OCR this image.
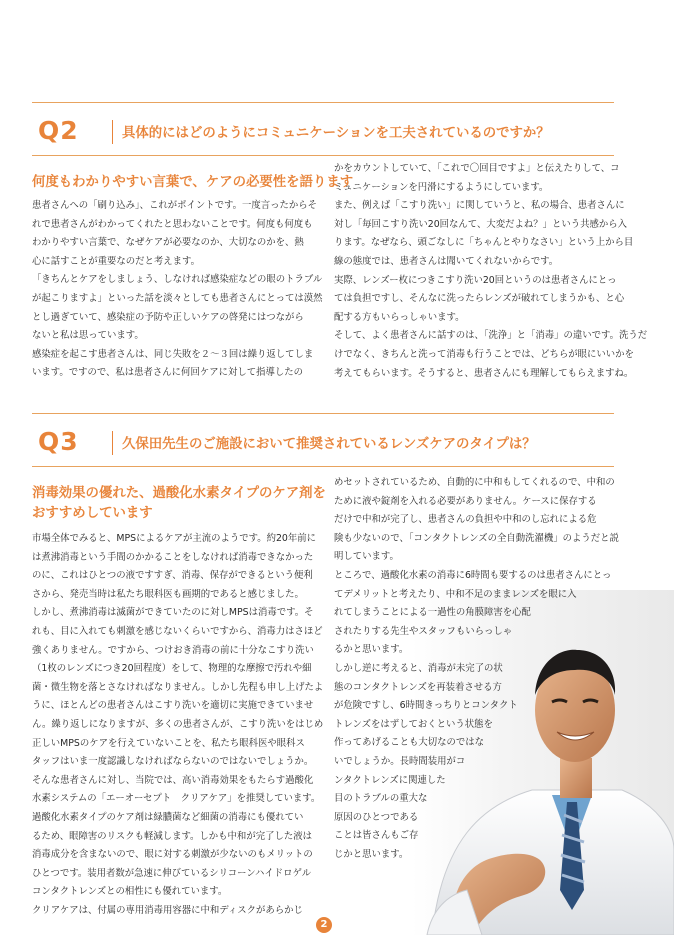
Q2	具体的にはどのようにコミュニケーションを工夫されているのですか？
何度もわかりやすい言葉で、ケアの必要性を語ります

患者さんへの「刷り込み」、これがポイントです。一度言ったからそ

れで患者さんがわかってくれたと思わないことです。何度も何度も

わかりやすい言葉で、なぜケアが必要なのか、大切なのかを、熱

心に話すことが重要なのだと考えます。

「きちんとケアをしましょう、しなければ感染症などの眼のトラブル

が起こりますよ」といった話を淡々としても患者さんにとっては漠然

とし過ぎていて、感染症の予防や正しいケアの啓発にはつながら

ないと私は思っています。

感染症を起こす患者さんは、同じ失敗を２～３回は繰り返してしま

います。ですので、私は患者さんに何回ケアに対して指導したの

かをカウントしていて、「これで〇回目ですよ」と伝えたりして、コ

ミュニケーションを円滑にするようにしています。

また、例えば「こすり洗い」に関していうと、私の場合、患者さんに

対し「毎回こすり洗い20回なんて、大変だよね？」という共感から入

ります。なぜなら、頭ごなしに「ちゃんとやりなさい」という上から目

線の態度では、患者さんは聞いてくれないからです。

実際、レンズー枚につきこすり洗い20回というのは患者さんにとっ

ては負担ですし、そんなに洗ったらレンズが破れてしまうかも、と心

配する方もいらっしゃいます。

そして、よく患者さんに話すのは、「洗浄」と「消毒」の違いです。洗うだ

けでなく、きちんと洗って消毒も行うことでは、どちらが眼にいいかを

考えてもらいます。そうすると、患者さんにも理解してもらえますね。

Q3	久保田先生のご施設において推奨されているレンズケアのタイプは？
消毒効果の優れた、過酸化水素タイプのケア剤を
おすすめしています

市場全体でみると、MPSによるケアが主流のようです。約20年前に

は煮沸消毒という手間のかかることをしなければ消毒できなかった

のに、これはひとつの液ですすぎ、消毒、保存ができるという便利

さから、発売当時は私たち眼科医も画期的であると感じました。

しかし、煮沸消毒は滅菌ができていたのに対しMPSは消毒です。そ

れも、目に入れても刺激を感じないくらいですから、消毒力はさほど

強くありません。ですから、つけおき消毒の前に十分なこすり洗い

（1枚のレンズにつき20回程度）をして、物理的な摩擦で汚れや細

菌・微生物を落とさなければなりません。しかし先程も申し上げたよ

うに、ほとんどの患者さんはこすり洗いを適切に実施できていませ

ん。繰り返しになりますが、多くの患者さんが、こすり洗いをはじめ

正しいMPSのケアを行えていないことを、私たち眼科医や眼科ス

タッフはいま一度認識しなければならないのではないでしょうか。

そんな患者さんに対し、当院では、高い消毒効果をもたらす過酸化

水素システムの「エーオーセプト　クリアケア」を推奨しています。

過酸化水素タイプのケア剤は緑膿菌など細菌の消毒にも優れてい

るため、眼障害のリスクも軽減します。しかも中和が完了した液は

消毒成分を含まないので、眼に対する刺激が少ないのもメリットの

ひとつです。装用者数が急速に伸びているシリコーンハイドロゲル

コンタクトレンズとの相性にも優れています。

クリアケアは、付属の専用消毒用容器に中和ディスクがあらかじ

めセットされているため、自動的に中和もしてくれるので、中和の

ために液や錠剤を入れる必要がありません。ケースに保存する

だけで中和が完了し、患者さんの負担や中和のし忘れによる危

険も少ないので、「コンタクトレンズの全自動洗濯機」のようだと説

明しています。

ところで、過酸化水素の消毒に6時間も要するのは患者さんにとっ

てデメリットと考えたり、中和不足のままレンズを眼に入

れてしまうことによる一過性の角膜障害を心配

されたりする先生やスタッフもいらっしゃ

るかと思います。

しかし逆に考えると、消毒が未完了の状

態のコンタクトレンズを再装着させる方

が危険ですし、6時間きっちりとコンタクト

トレンズをはずしておくという状態を

作ってあげることも大切なのではな

いでしょうか。長時間装用がコ

ンタクトレンズに関連した

目のトラブルの重大な

原因のひとつである

ことは皆さんもご存

じかと思います。

2
